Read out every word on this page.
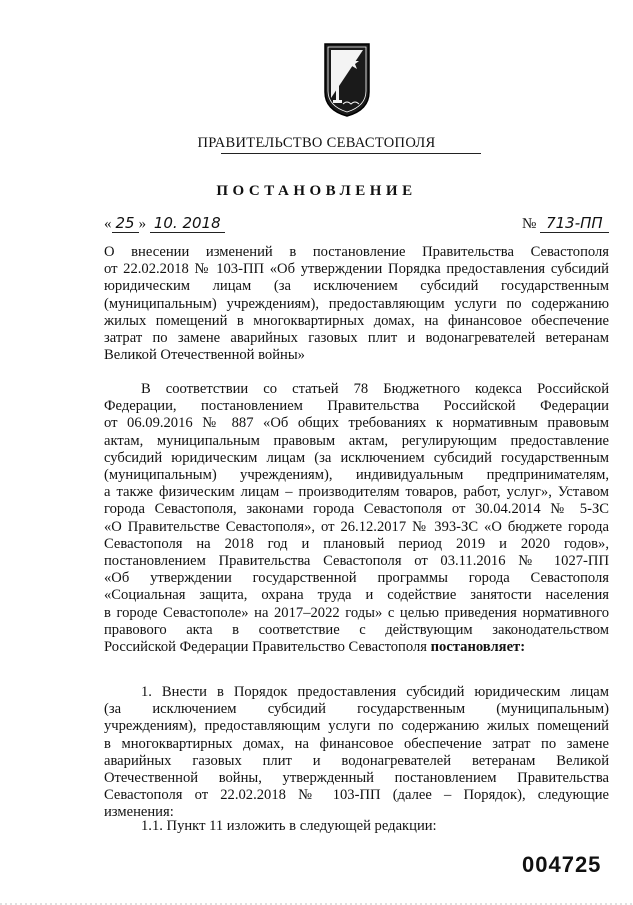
ПРАВИТЕЛЬСТВО СЕВАСТОПОЛЯ
ПОСТАНОВЛЕНИЕ
« 25 » 10. 2018	№ 713-ПП
О внесении изменений в постановление Правительства Севастополя
от 22.02.2018 № 103-ПП «Об утверждении Порядка предоставления субсидий
юридическим лицам (за исключением субсидий государственным
(муниципальным) учреждениям), предоставляющим услуги по содержанию
жилых помещений в многоквартирных домах, на финансовое обеспечение
затрат по замене аварийных газовых плит и водонагревателей ветеранам
Великой Отечественной войны»
В соответствии со статьей 78 Бюджетного кодекса Российской
Федерации, постановлением Правительства Российской Федерации
от 06.09.2016 № 887 «Об общих требованиях к нормативным правовым
актам, муниципальным правовым актам, регулирующим предоставление
субсидий юридическим лицам (за исключением субсидий государственным
(муниципальным) учреждениям), индивидуальным предпринимателям,
а также физическим лицам – производителям товаров, работ, услуг», Уставом
города Севастополя, законами города Севастополя от 30.04.2014 № 5-ЗС
«О Правительстве Севастополя», от 26.12.2017 № 393-ЗС «О бюджете города
Севастополя на 2018 год и плановый период 2019 и 2020 годов»,
постановлением Правительства Севастополя от 03.11.2016 № 1027-ПП
«Об утверждении государственной программы города Севастополя
«Социальная защита, охрана труда и содействие занятости населения
в городе Севастополе» на 2017–2022 годы» с целью приведения нормативного
правового акта в соответствие с действующим законодательством
Российской Федерации Правительство Севастополя постановляет:
1. Внести в Порядок предоставления субсидий юридическим лицам
(за исключением субсидий государственным (муниципальным)
учреждениям), предоставляющим услуги по содержанию жилых помещений
в многоквартирных домах, на финансовое обеспечение затрат по замене
аварийных газовых плит и водонагревателей ветеранам Великой
Отечественной войны, утвержденный постановлением Правительства
Севастополя от 22.02.2018 № 103-ПП (далее – Порядок), следующие
изменения:
1.1. Пункт 11 изложить в следующей редакции:
004725
